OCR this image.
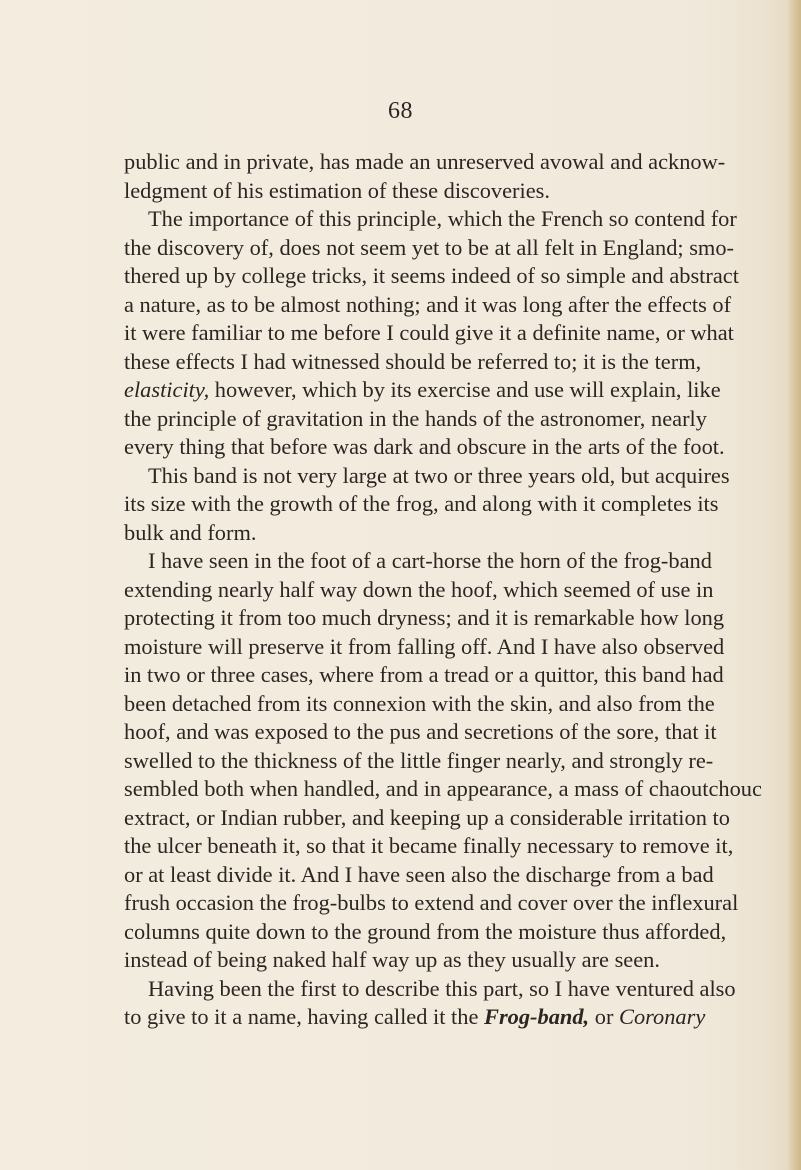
68
public and in private, has made an unreserved avowal and acknow-
ledgment of his estimation of these discoveries.
The importance of this principle, which the French so contend for
the discovery of, does not seem yet to be at all felt in England; smo-
thered up by college tricks, it seems indeed of so simple and abstract
a nature, as to be almost nothing; and it was long after the effects of
it were familiar to me before I could give it a definite name, or what
these effects I had witnessed should be referred to; it is the term,
elasticity, however, which by its exercise and use will explain, like
the principle of gravitation in the hands of the astronomer, nearly
every thing that before was dark and obscure in the arts of the foot.
This band is not very large at two or three years old, but acquires
its size with the growth of the frog, and along with it completes its
bulk and form.
I have seen in the foot of a cart-horse the horn of the frog-band
extending nearly half way down the hoof, which seemed of use in
protecting it from too much dryness; and it is remarkable how long
moisture will preserve it from falling off. And I have also observed
in two or three cases, where from a tread or a quittor, this band had
been detached from its connexion with the skin, and also from the
hoof, and was exposed to the pus and secretions of the sore, that it
swelled to the thickness of the little finger nearly, and strongly re-
sembled both when handled, and in appearance, a mass of chaoutchouc
extract, or Indian rubber, and keeping up a considerable irritation to
the ulcer beneath it, so that it became finally necessary to remove it,
or at least divide it. And I have seen also the discharge from a bad
frush occasion the frog-bulbs to extend and cover over the inflexural
columns quite down to the ground from the moisture thus afforded,
instead of being naked half way up as they usually are seen.
Having been the first to describe this part, so I have ventured also
to give to it a name, having called it the Frog-band, or Coronary
